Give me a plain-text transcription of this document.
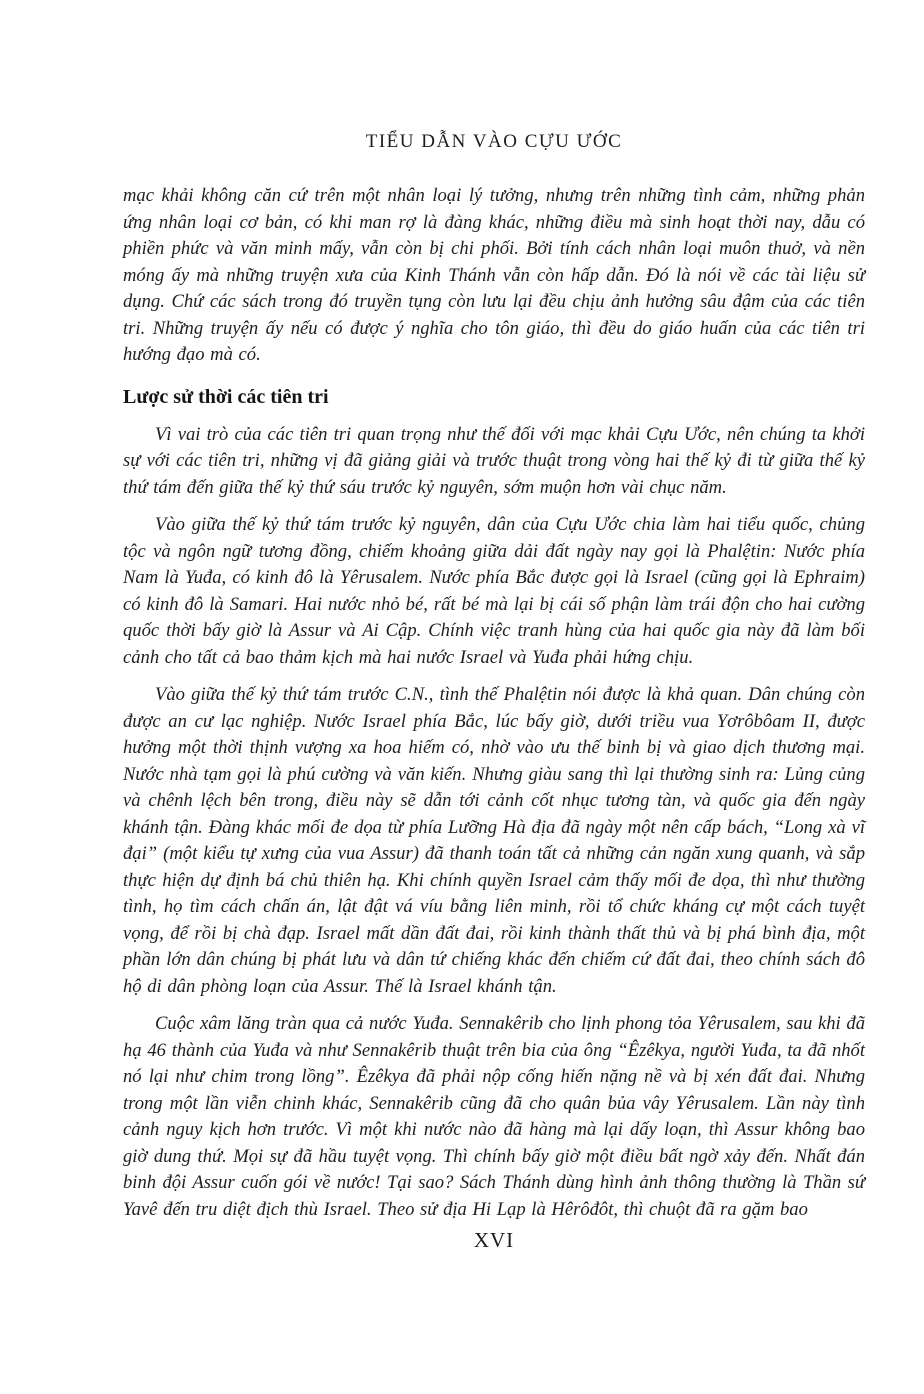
TIỂU DẪN VÀO CỰU ƯỚC

mạc khải không căn cứ trên một nhân loại lý tưởng, nhưng trên những tình cảm, những phản ứng nhân loại cơ bản, có khi man rợ là đàng khác, những điều mà sinh hoạt thời nay, dẫu có phiền phức và văn minh mấy, vẫn còn bị chi phối. Bởi tính cách nhân loại muôn thuở, và nền móng ấy mà những truyện xưa của Kinh Thánh vẫn còn hấp dẫn. Đó là nói về các tài liệu sử dụng. Chứ các sách trong đó truyền tụng còn lưu lại đều chịu ảnh hưởng sâu đậm của các tiên tri. Những truyện ấy nếu có được ý nghĩa cho tôn giáo, thì đều do giáo huấn của các tiên tri hướng đạo mà có.

Lược sử thời các tiên tri

Vì vai trò của các tiên tri quan trọng như thế đối với mạc khải Cựu Ước, nên chúng ta khởi sự với các tiên tri, những vị đã giảng giải và trước thuật trong vòng hai thế kỷ đi từ giữa thế kỷ thứ tám đến giữa thế kỷ thứ sáu trước kỷ nguyên, sớm muộn hơn vài chục năm.

Vào giữa thế kỷ thứ tám trước kỷ nguyên, dân của Cựu Ước chia làm hai tiểu quốc, chủng tộc và ngôn ngữ tương đồng, chiếm khoảng giữa dải đất ngày nay gọi là Phalệtin: Nước phía Nam là Yuđa, có kinh đô là Yêrusalem. Nước phía Bắc được gọi là Israel (cũng gọi là Ephraim) có kinh đô là Samari. Hai nước nhỏ bé, rất bé mà lại bị cái số phận làm trái độn cho hai cường quốc thời bấy giờ là Assur và Ai Cập. Chính việc tranh hùng của hai quốc gia này đã làm bối cảnh cho tất cả bao thảm kịch mà hai nước Israel và Yuđa phải hứng chịu.

Vào giữa thế kỷ thứ tám trước C.N., tình thế Phalệtin nói được là khả quan. Dân chúng còn được an cư lạc nghiệp. Nước Israel phía Bắc, lúc bấy giờ, dưới triều vua Yơrôbôam II, được hưởng một thời thịnh vượng xa hoa hiếm có, nhờ vào ưu thế binh bị và giao dịch thương mại. Nước nhà tạm gọi là phú cường và văn kiến. Nhưng giàu sang thì lại thường sinh ra: Lủng củng và chênh lệch bên trong, điều này sẽ dẫn tới cảnh cốt nhục tương tàn, và quốc gia đến ngày khánh tận. Đàng khác mối đe dọa từ phía Lưỡng Hà địa đã ngày một nên cấp bách, “Long xà vĩ đại” (một kiểu tự xưng của vua Assur) đã thanh toán tất cả những cản ngăn xung quanh, và sắp thực hiện dự định bá chủ thiên hạ. Khi chính quyền Israel cảm thấy mối đe dọa, thì như thường tình, họ tìm cách chấn án, lật đật vá víu bằng liên minh, rồi tổ chức kháng cự một cách tuyệt vọng, để rồi bị chà đạp. Israel mất dần đất đai, rồi kinh thành thất thủ và bị phá bình địa, một phần lớn dân chúng bị phát lưu và dân tứ chiếng khác đến chiếm cứ đất đai, theo chính sách đô hộ di dân phòng loạn của Assur. Thế là Israel khánh tận.

Cuộc xâm lăng tràn qua cả nước Yuđa. Sennakêrib cho lịnh phong tỏa Yêrusalem, sau khi đã hạ 46 thành của Yuđa và như Sennakêrib thuật trên bia của ông “Êzêkya, người Yuđa, ta đã nhốt nó lại như chim trong lồng”. Êzêkya đã phải nộp cống hiến nặng nề và bị xén đất đai. Nhưng trong một lần viễn chinh khác, Sennakêrib cũng đã cho quân bủa vây Yêrusalem. Lần này tình cảnh nguy kịch hơn trước. Vì một khi nước nào đã hàng mà lại dấy loạn, thì Assur không bao giờ dung thứ. Mọi sự đã hầu tuyệt vọng. Thì chính bấy giờ một điều bất ngờ xảy đến. Nhất đán binh đội Assur cuốn gói về nước! Tại sao? Sách Thánh dùng hình ảnh thông thường là Thần sứ Yavê đến tru diệt địch thù Israel. Theo sử địa Hi Lạp là Hêrôđôt, thì chuột đã ra gặm bao

XVI
